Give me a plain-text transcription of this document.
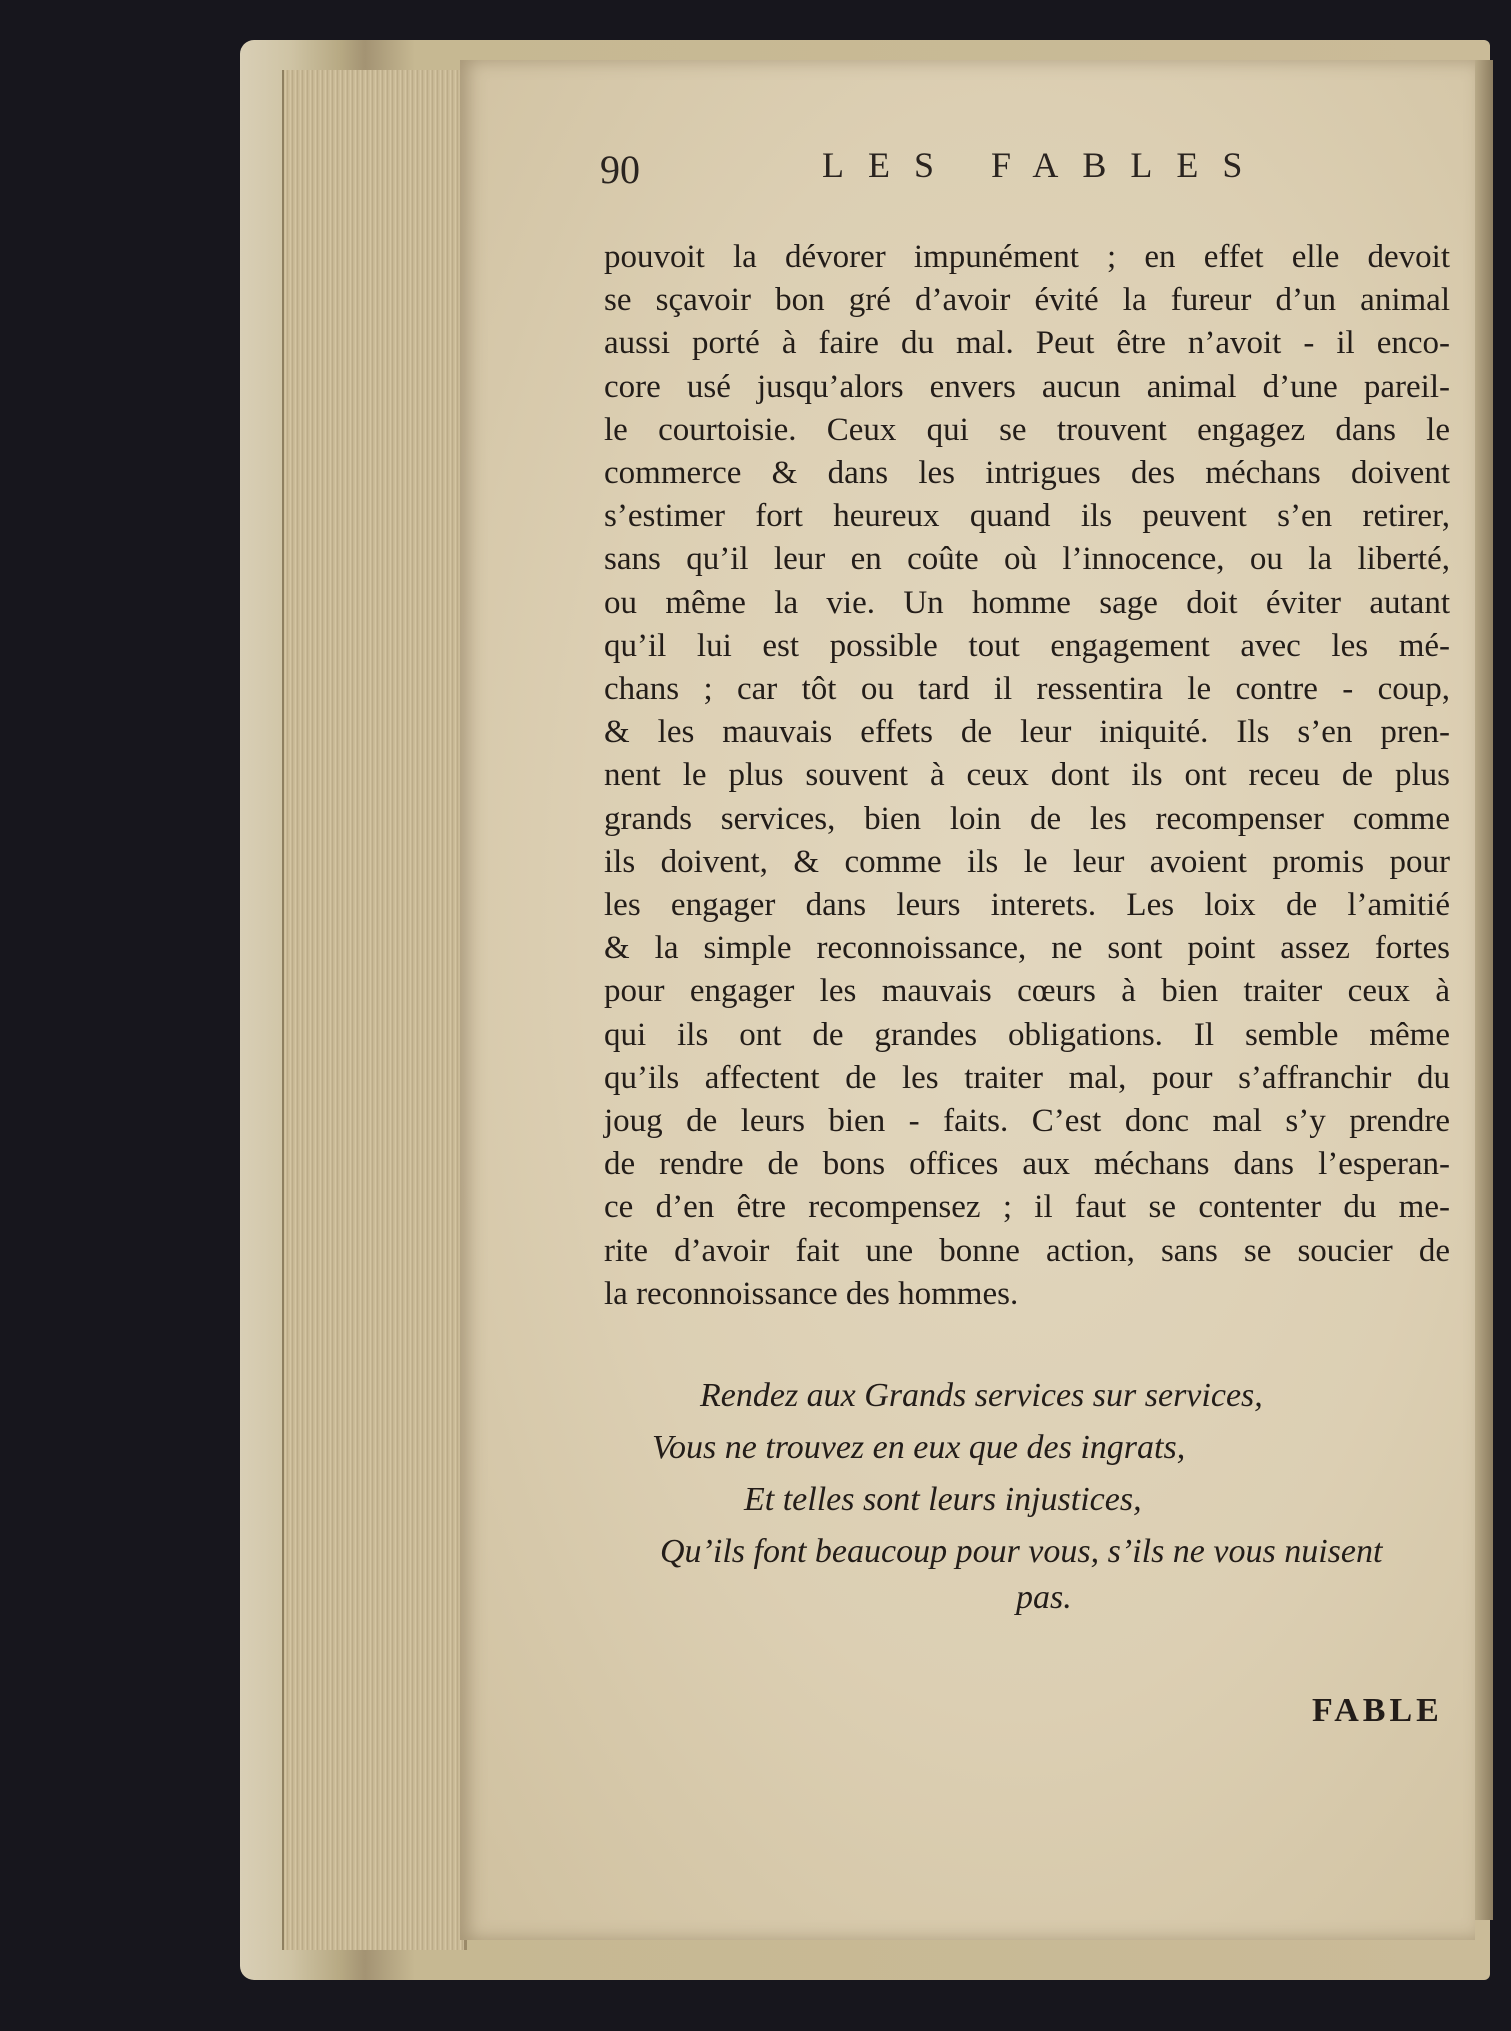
90	LES FABLES
pouvoit la dévorer impunément ; en effet elle devoit
se sçavoir bon gré d’avoir évité la fureur d’un animal
aussi porté à faire du mal. Peut être n’avoit - il enco-
core usé jusqu’alors envers aucun animal d’une pareil-
le courtoisie. Ceux qui se trouvent engagez dans le
commerce & dans les intrigues des méchans doivent
s’estimer fort heureux quand ils peuvent s’en retirer,
sans qu’il leur en coûte où l’innocence, ou la liberté,
ou même la vie. Un homme sage doit éviter autant
qu’il lui est possible tout engagement avec les mé-
chans ; car tôt ou tard il ressentira le contre - coup,
& les mauvais effets de leur iniquité. Ils s’en pren-
nent le plus souvent à ceux dont ils ont receu de plus
grands services, bien loin de les recompenser comme
ils doivent, & comme ils le leur avoient promis pour
les engager dans leurs interets. Les loix de l’amitié
& la simple reconnoissance, ne sont point assez fortes
pour engager les mauvais cœurs à bien traiter ceux à
qui ils ont de grandes obligations. Il semble même
qu’ils affectent de les traiter mal, pour s’affranchir du
joug de leurs bien - faits. C’est donc mal s’y prendre
de rendre de bons offices aux méchans dans l’esperan-
ce d’en être recompensez ; il faut se contenter du me-
rite d’avoir fait une bonne action, sans se soucier de
la reconnoissance des hommes.
Rendez aux Grands services sur services,
Vous ne trouvez en eux que des ingrats,
Et telles sont leurs injustices,
Qu’ils font beaucoup pour vous, s’ils ne vous nuisent
pas.
FABLE
